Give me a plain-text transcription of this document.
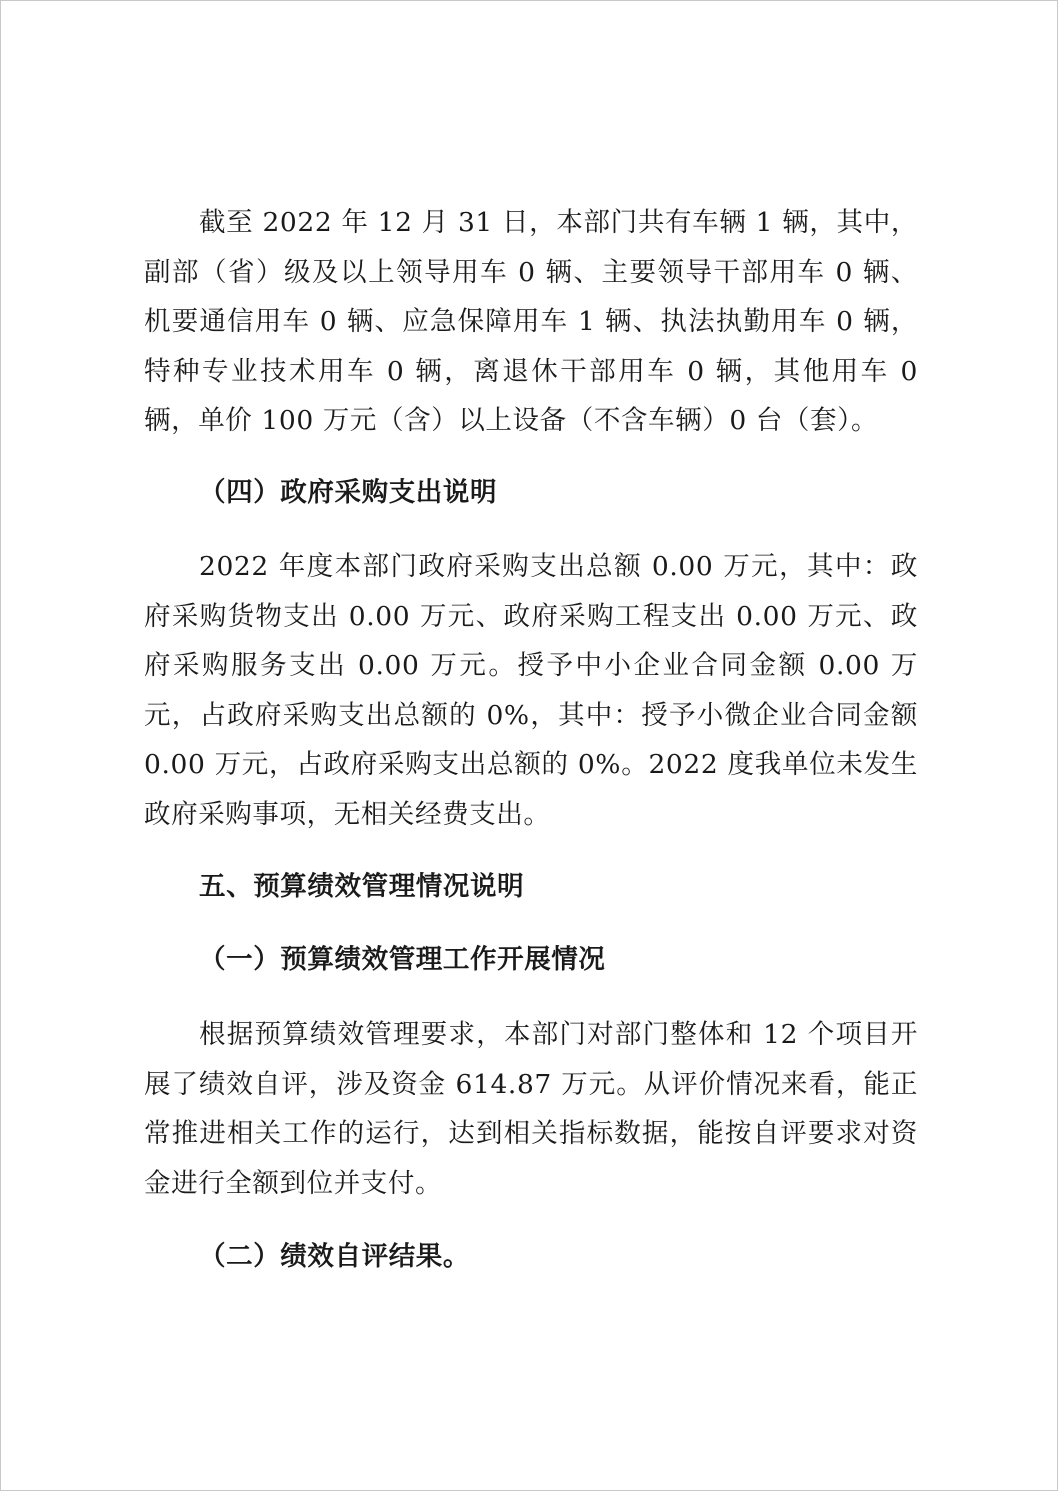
截至 2022 年 12 月 31 日，本部门共有车辆 1 辆，其中，副部（省）级及以上领导用车 0 辆、主要领导干部用车 0 辆、机要通信用车 0 辆、应急保障用车 1 辆、执法执勤用车 0 辆，特种专业技术用车 0 辆，离退休干部用车 0 辆，其他用车 0 辆，单价 100 万元（含）以上设备（不含车辆）0 台（套）。
（四）政府采购支出说明
2022 年度本部门政府采购支出总额 0.00 万元，其中：政府采购货物支出 0.00 万元、政府采购工程支出 0.00 万元、政府采购服务支出 0.00 万元。授予中小企业合同金额 0.00 万元，占政府采购支出总额的 0%，其中：授予小微企业合同金额 0.00 万元，占政府采购支出总额的 0%。2022 度我单位未发生政府采购事项，无相关经费支出。
五、预算绩效管理情况说明
（一）预算绩效管理工作开展情况
根据预算绩效管理要求，本部门对部门整体和 12 个项目开展了绩效自评，涉及资金 614.87 万元。从评价情况来看，能正常推进相关工作的运行，达到相关指标数据，能按自评要求对资金进行全额到位并支付。
（二）绩效自评结果。
